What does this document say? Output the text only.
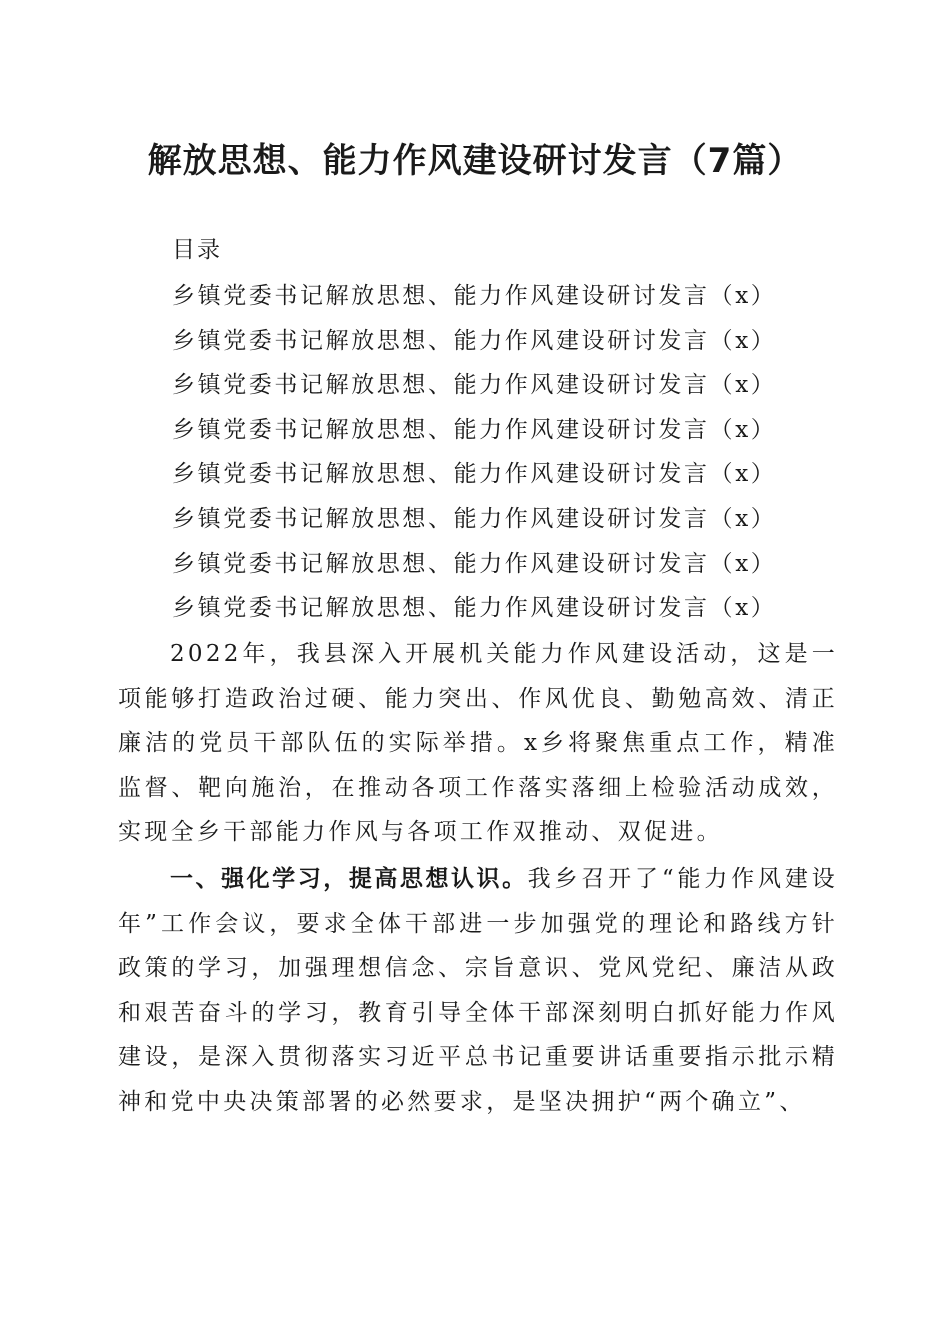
解放思想、能力作风建设研讨发言（7篇）
目录
乡镇党委书记解放思想、能力作风建设研讨发言（x）
乡镇党委书记解放思想、能力作风建设研讨发言（x）
乡镇党委书记解放思想、能力作风建设研讨发言（x）
乡镇党委书记解放思想、能力作风建设研讨发言（x）
乡镇党委书记解放思想、能力作风建设研讨发言（x）
乡镇党委书记解放思想、能力作风建设研讨发言（x）
乡镇党委书记解放思想、能力作风建设研讨发言（x）
乡镇党委书记解放思想、能力作风建设研讨发言（x）

2022年，我县深入开展机关能力作风建设活动，这是一项能够打造政治过硬、能力突出、作风优良、勤勉高效、清正廉洁的党员干部队伍的实际举措。x乡将聚焦重点工作，精准监督、靶向施治，在推动各项工作落实落细上检验活动成效，实现全乡干部能力作风与各项工作双推动、双促进。

一、强化学习，提高思想认识。我乡召开了“能力作风建设年”工作会议，要求全体干部进一步加强党的理论和路线方针政策的学习，加强理想信念、宗旨意识、党风党纪、廉洁从政和艰苦奋斗的学习，教育引导全体干部深刻明白抓好能力作风建设，是深入贯彻落实习近平总书记重要讲话重要指示批示精神和党中央决策部署的必然要求，是坚决拥护“两个确立”、
